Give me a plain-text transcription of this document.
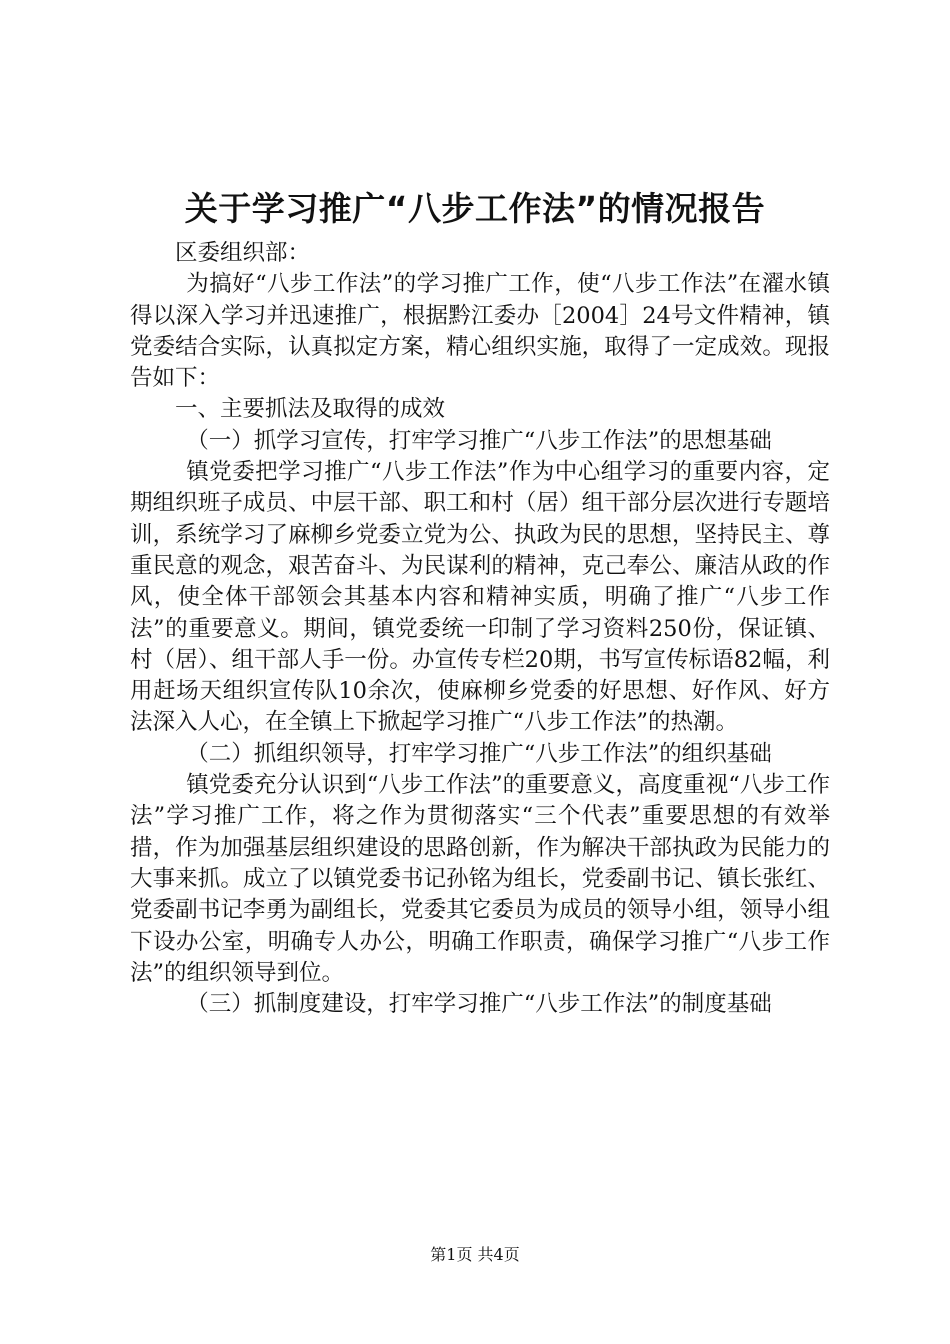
关于学习推广“八步工作法”的情况报告

区委组织部：

为搞好“八步工作法”的学习推广工作，使“八步工作法”在濯水镇得以深入学习并迅速推广，根据黔江委办［2004］24号文件精神，镇党委结合实际，认真拟定方案，精心组织实施，取得了一定成效。现报告如下：

一、主要抓法及取得的成效

（一）抓学习宣传，打牢学习推广“八步工作法”的思想基础

镇党委把学习推广“八步工作法”作为中心组学习的重要内容，定期组织班子成员、中层干部、职工和村（居）组干部分层次进行专题培训，系统学习了麻柳乡党委立党为公、执政为民的思想，坚持民主、尊重民意的观念，艰苦奋斗、为民谋利的精神，克己奉公、廉洁从政的作风，使全体干部领会其基本内容和精神实质，明确了推广“八步工作法”的重要意义。期间，镇党委统一印制了学习资料250份，保证镇、村（居）、组干部人手一份。办宣传专栏20期，书写宣传标语82幅，利用赶场天组织宣传队10余次，使麻柳乡党委的好思想、好作风、好方法深入人心，在全镇上下掀起学习推广“八步工作法”的热潮。

（二）抓组织领导，打牢学习推广“八步工作法”的组织基础

镇党委充分认识到“八步工作法”的重要意义，高度重视“八步工作法”学习推广工作，将之作为贯彻落实“三个代表”重要思想的有效举措，作为加强基层组织建设的思路创新，作为解决干部执政为民能力的大事来抓。成立了以镇党委书记孙铭为组长，党委副书记、镇长张红、党委副书记李勇为副组长，党委其它委员为成员的领导小组，领导小组下设办公室，明确专人办公，明确工作职责，确保学习推广“八步工作法”的组织领导到位。

（三）抓制度建设，打牢学习推广“八步工作法”的制度基础

第1页 共4页
